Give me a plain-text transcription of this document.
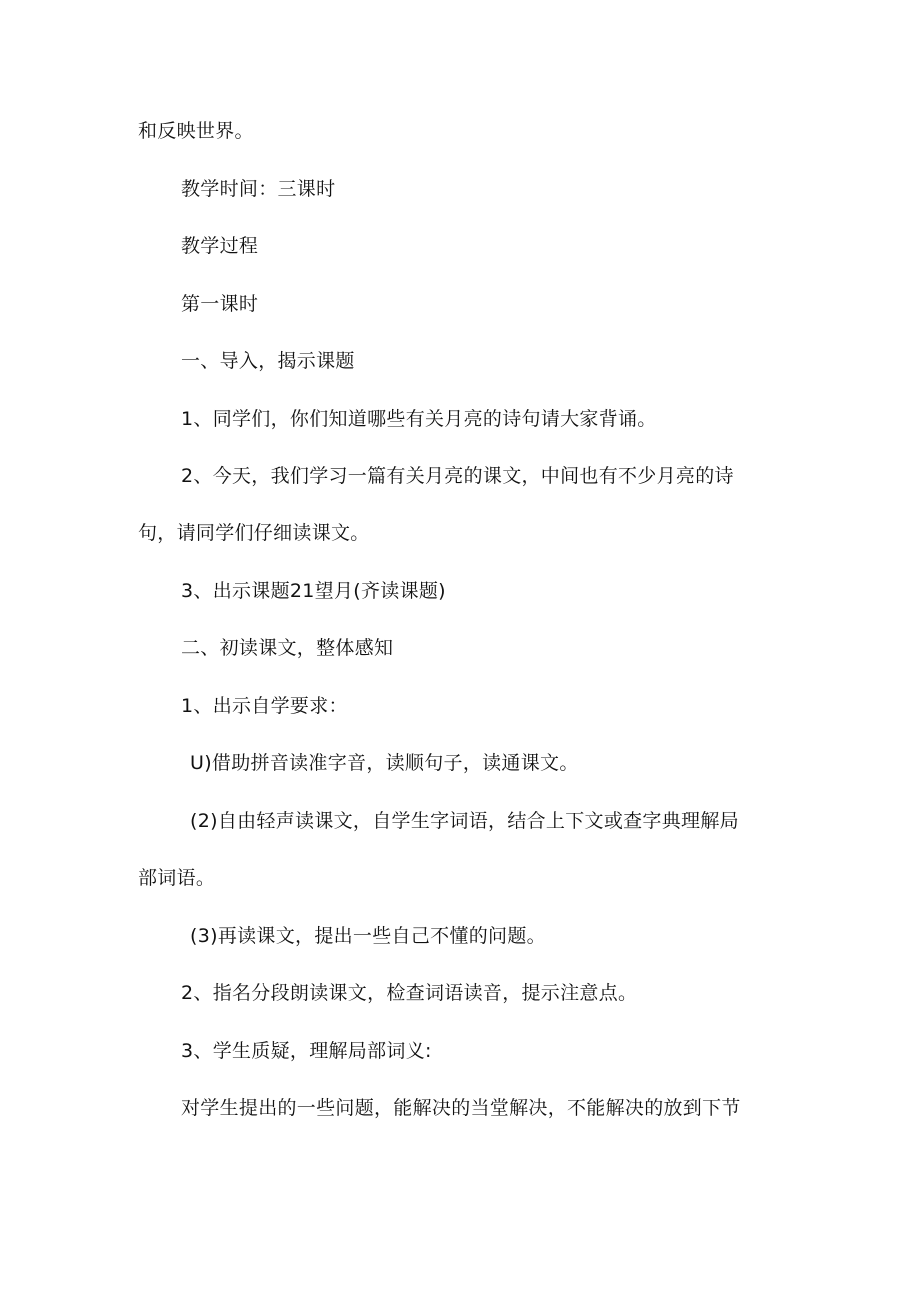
和反映世界。

教学时间：三课时

教学过程

第一课时

一、导入，揭示课题

1、同学们，你们知道哪些有关月亮的诗句请大家背诵。

2、今天，我们学习一篇有关月亮的课文，中间也有不少月亮的诗

句，请同学们仔细读课文。

3、出示课题21望月(齐读课题)

二、初读课文，整体感知

1、出示自学要求：

U)借助拼音读准字音，读顺句子，读通课文。

(2)自由轻声读课文，自学生字词语，结合上下文或查字典理解局

部词语。

(3)再读课文，提出一些自己不懂的问题。

2、指名分段朗读课文，检查词语读音，提示注意点。

3、学生质疑，理解局部词义:

对学生提出的一些问题，能解决的当堂解决，不能解决的放到下节
